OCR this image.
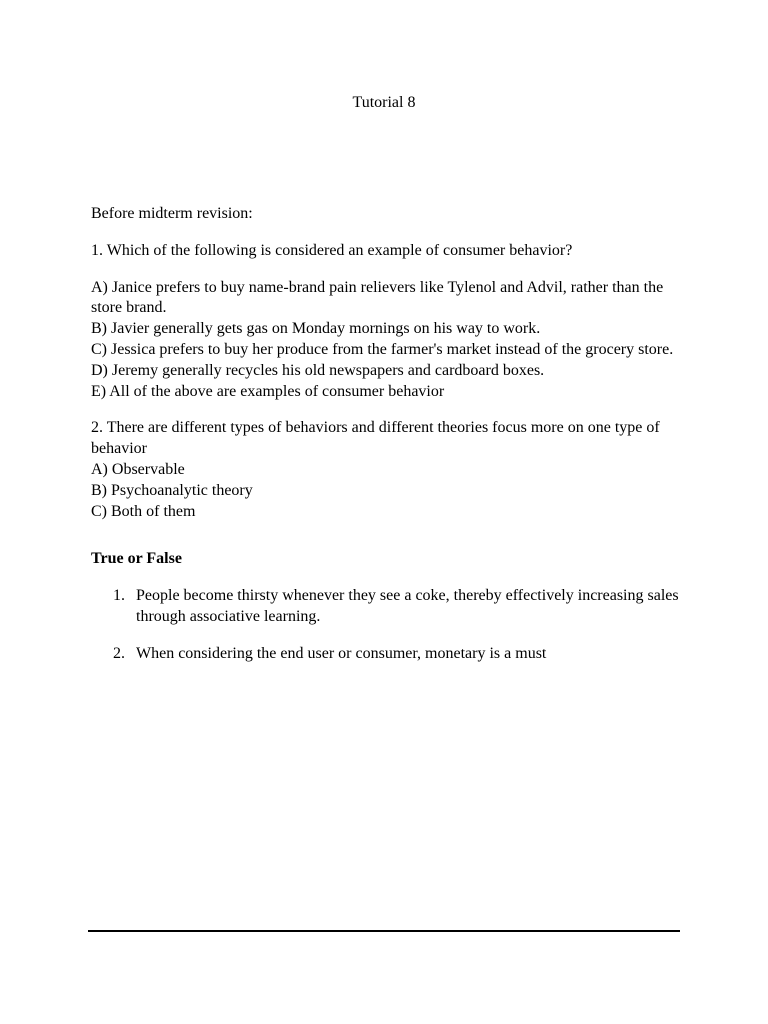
Tutorial 8

Before midterm revision:

1. Which of the following is considered an example of consumer behavior?

A) Janice prefers to buy name-brand pain relievers like Tylenol and Advil, rather than the store brand.

B) Javier generally gets gas on Monday mornings on his way to work.

C) Jessica prefers to buy her produce from the farmer's market instead of the grocery store.

D) Jeremy generally recycles his old newspapers and cardboard boxes.

E) All of the above are examples of consumer behavior

2. There are different types of behaviors and different theories focus more on one type of behavior

A) Observable

B) Psychoanalytic theory

C) Both of them

True or False

1. People become thirsty whenever they see a coke, thereby effectively increasing sales through associative learning.
2. When considering the end user or consumer, monetary is a must
